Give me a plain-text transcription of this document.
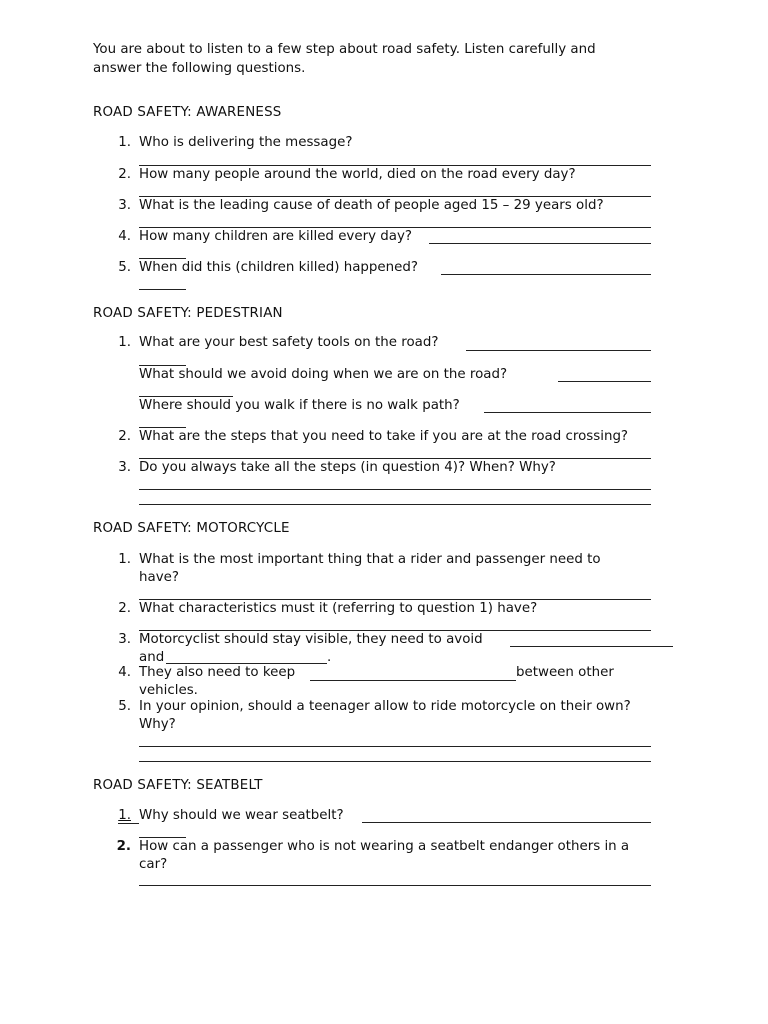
You are about to listen to a few step about road safety. Listen carefully and
answer the following questions.
ROAD SAFETY: AWARENESS
1. Who is delivering the message?
2. How many people around the world, died on the road every day?
3. What is the leading cause of death of people aged 15 – 29 years old?
4. How many children are killed every day?
5. When did this (children killed) happened?
ROAD SAFETY: PEDESTRIAN
1. What are your best safety tools on the road?
What should we avoid doing when we are on the road?
Where should you walk if there is no walk path?
2. What are the steps that you need to take if you are at the road crossing?
3. Do you always take all the steps (in question 4)? When? Why?
ROAD SAFETY: MOTORCYCLE
1. What is the most important thing that a rider and passenger need to
have?
2. What characteristics must it (referring to question 1) have?
3. Motorcyclist should stay visible, they need to avoid
and	.
4. They also need to keep	between other
vehicles.
5. In your opinion, should a teenager allow to ride motorcycle on their own?
Why?
ROAD SAFETY: SEATBELT
1. Why should we wear seatbelt?
2. How can a passenger who is not wearing a seatbelt endanger others in a
car?
